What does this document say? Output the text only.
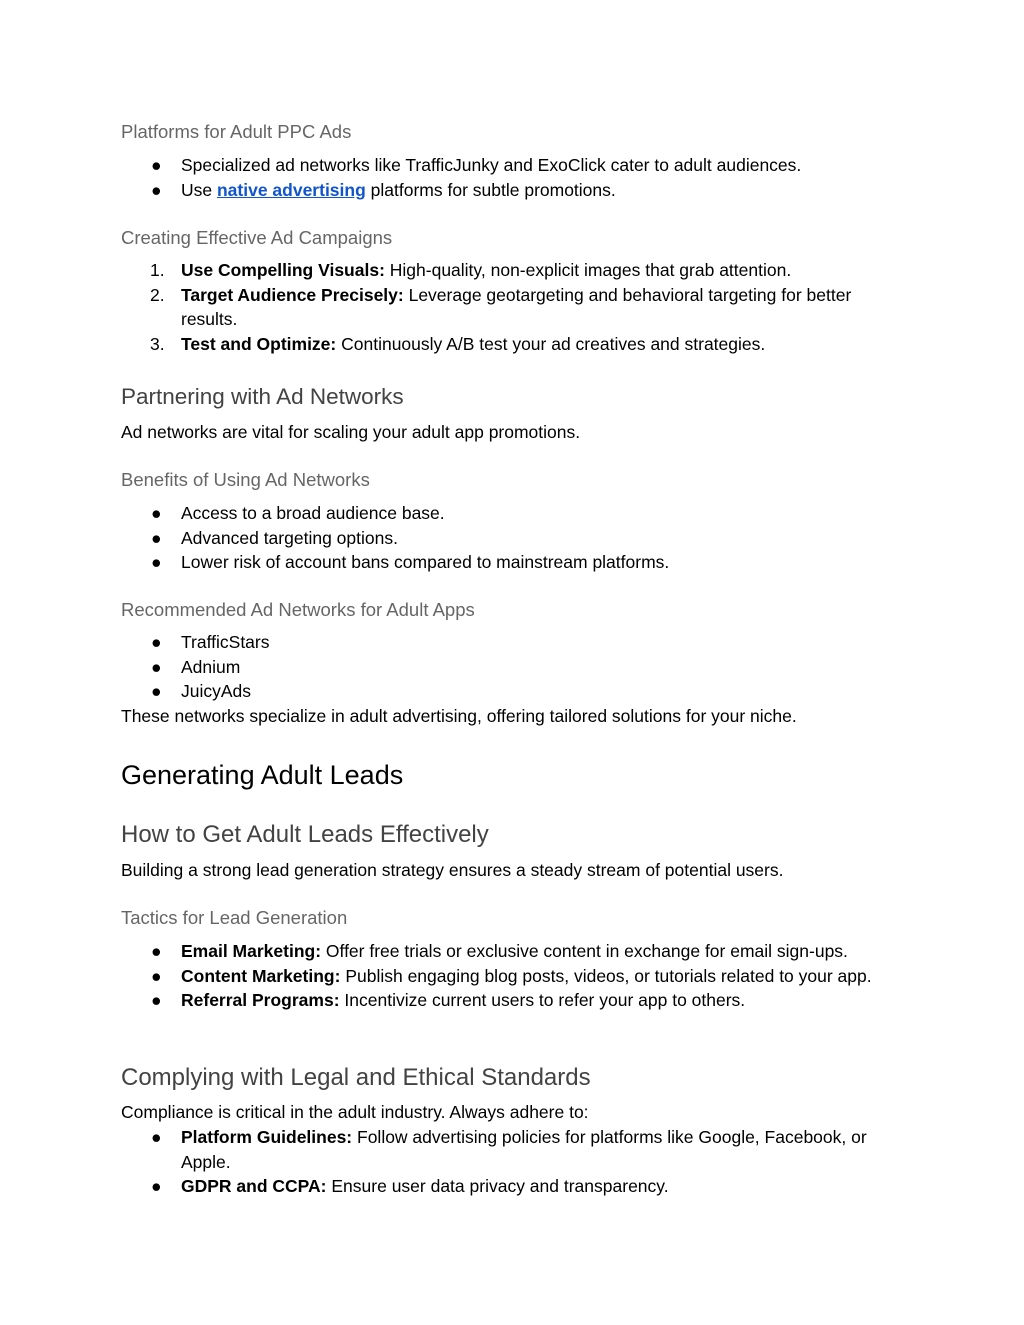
Platforms for Adult PPC Ads
●	Specialized ad networks like TrafficJunky and ExoClick cater to adult audiences.
●	Use native advertising platforms for subtle promotions.
Creating Effective Ad Campaigns
1. Use Compelling Visuals: High-quality, non-explicit images that grab attention.
2. Target Audience Precisely: Leverage geotargeting and behavioral targeting for better results.
3. Test and Optimize: Continuously A/B test your ad creatives and strategies.
Partnering with Ad Networks
Ad networks are vital for scaling your adult app promotions.
Benefits of Using Ad Networks
●	Access to a broad audience base.
●	Advanced targeting options.
●	Lower risk of account bans compared to mainstream platforms.
Recommended Ad Networks for Adult Apps
●	TrafficStars
●	Adnium
●	JuicyAds
These networks specialize in adult advertising, offering tailored solutions for your niche.
Generating Adult Leads
How to Get Adult Leads Effectively
Building a strong lead generation strategy ensures a steady stream of potential users.
Tactics for Lead Generation
●	Email Marketing: Offer free trials or exclusive content in exchange for email sign-ups.
●	Content Marketing: Publish engaging blog posts, videos, or tutorials related to your app.
●	Referral Programs: Incentivize current users to refer your app to others.
Complying with Legal and Ethical Standards
Compliance is critical in the adult industry. Always adhere to:
●	Platform Guidelines: Follow advertising policies for platforms like Google, Facebook, or Apple.
●	GDPR and CCPA: Ensure user data privacy and transparency.
